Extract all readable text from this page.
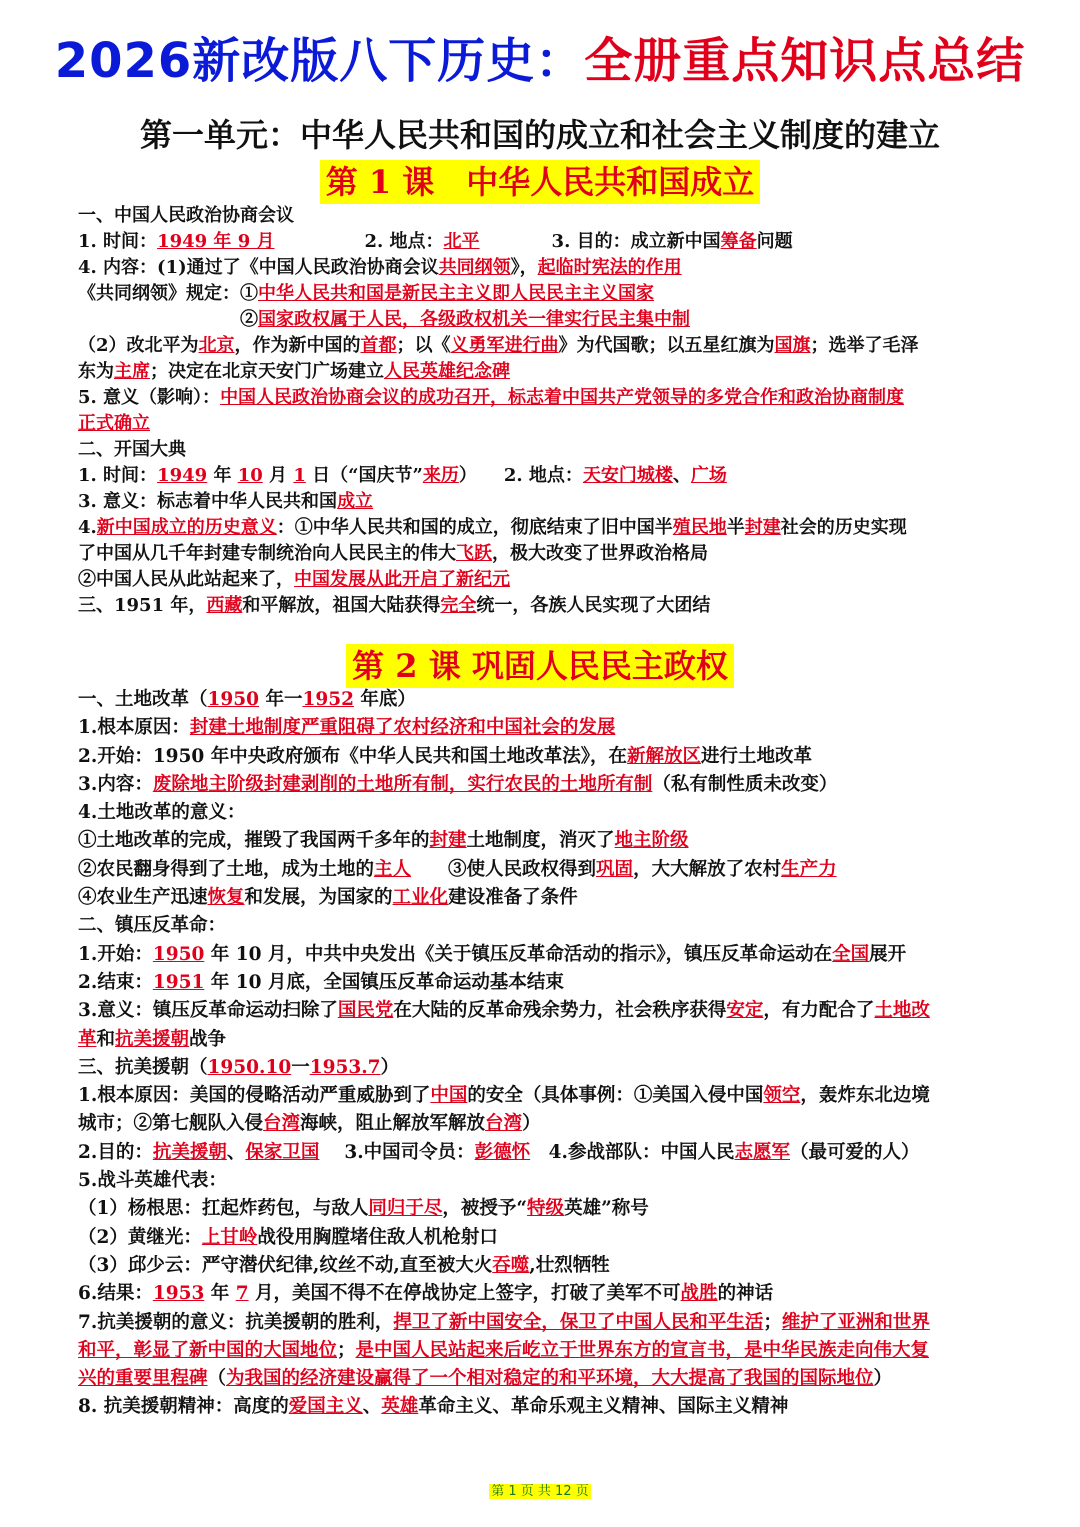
2026新改版八下历史：全册重点知识点总结
第一单元：中华人民共和国的成立和社会主义制度的建立
第 1 课　中华人民共和国成立
一、中国人民政治协商会议
1. 时间：1949 年 9 月　　　　　2. 地点：北平　　　　3. 目的：成立新中国筹备问题
4. 内容：(1)通过了《中国人民政治协商会议共同纲领》，起临时宪法的作用
《共同纲领》规定：①中华人民共和国是新民主主义即人民民主主义国家
　　　　　　　　　②国家政权属于人民，各级政权机关一律实行民主集中制
（2）改北平为北京，作为新中国的首都；以《义勇军进行曲》为代国歌；以五星红旗为国旗；选举了毛泽
东为主席；决定在北京天安门广场建立人民英雄纪念碑
5. 意义（影响）：中国人民政治协商会议的成功召开，标志着中国共产党领导的多党合作和政治协商制度
正式确立
二、开国大典
1. 时间：1949 年 10 月 1 日（“国庆节”来历）　　2. 地点：天安门城楼、广场
3. 意义：标志着中华人民共和国成立
4.新中国成立的历史意义：①中华人民共和国的成立，彻底结束了旧中国半殖民地半封建社会的历史实现
了中国从几千年封建专制统治向人民民主的伟大飞跃，极大改变了世界政治格局
②中国人民从此站起来了，中国发展从此开启了新纪元
三、1951 年，西藏和平解放，祖国大陆获得完全统一，各族人民实现了大团结
第 2 课 巩固人民民主政权
一、土地改革（1950 年一1952 年底）
1.根本原因：封建土地制度严重阻碍了农村经济和中国社会的发展
2.开始：1950 年中央政府颁布《中华人民共和国土地改革法》，在新解放区进行土地改革
3.内容：废除地主阶级封建剥削的土地所有制，实行农民的土地所有制（私有制性质未改变）
4.土地改革的意义：
①土地改革的完成，摧毁了我国两千多年的封建土地制度，消灭了地主阶级
②农民翻身得到了土地，成为土地的主人　　③使人民政权得到巩固，大大解放了农村生产力
④农业生产迅速恢复和发展，为国家的工业化建设准备了条件
二、镇压反革命：
1.开始：1950 年 10 月，中共中央发出《关于镇压反革命活动的指示》，镇压反革命运动在全国展开
2.结束：1951 年 10 月底，全国镇压反革命运动基本结束
3.意义：镇压反革命运动扫除了国民党在大陆的反革命残余势力，社会秩序获得安定，有力配合了土地改
革和抗美援朝战争
三、抗美援朝（1950.10一1953.7）
1.根本原因：美国的侵略活动严重威胁到了中国的安全（具体事例：①美国入侵中国领空，轰炸东北边境
城市；②第七舰队入侵台湾海峡，阻止解放军解放台湾）
2.目的：抗美援朝、保家卫国　 3.中国司令员：彭德怀　4.参战部队：中国人民志愿军（最可爱的人）
5.战斗英雄代表：
（1）杨根思：扛起炸药包，与敌人同归于尽，被授予“特级英雄”称号
（2）黄继光：上甘岭战役用胸膛堵住敌人机枪射口
（3）邱少云：严守潜伏纪律,纹丝不动,直至被大火吞噬,壮烈牺牲
6.结果：1953 年 7 月，美国不得不在停战协定上签字，打破了美军不可战胜的神话
7.抗美援朝的意义：抗美援朝的胜利，捍卫了新中国安全，保卫了中国人民和平生活；维护了亚洲和世界
和平，彰显了新中国的大国地位；是中国人民站起来后屹立于世界东方的宣言书，是中华民族走向伟大复
兴的重要里程碑（为我国的经济建设赢得了一个相对稳定的和平环境，大大提高了我国的国际地位）
8. 抗美援朝精神：高度的爱国主义、英雄革命主义、革命乐观主义精神、国际主义精神
第 1 页 共 12 页
